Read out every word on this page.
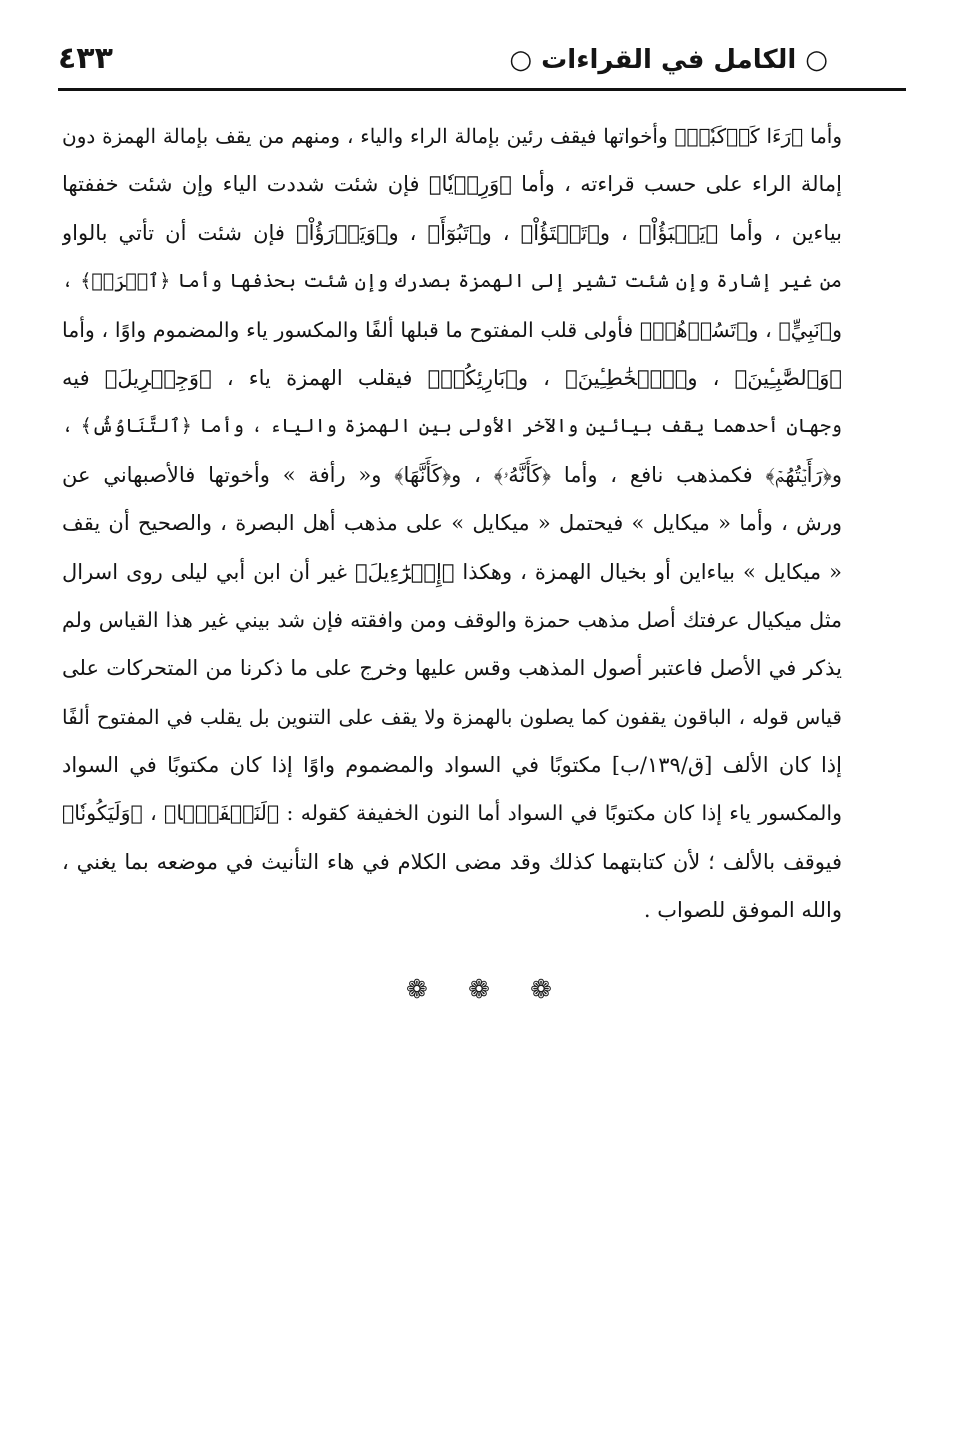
○ الكامل في القراءات ○
٤٣٣
وأما ﴿رَءَا كَوۡكَبٗاۖ﴾ وأخواتها فيقف رئين بإمالة الراء والياء ، ومنهم من يقف بإمالة الهمزة دون
إمالة الراء على حسب قراءته ، وأما ﴿وَرِءۡيٗا﴾ فإن شئت شددت الياء وإن شئت خففتها
بياءين ، وأما ﴿يَعۡبَؤُاْ﴾ ، و﴿تَفۡتَؤُاْ﴾ ، و﴿تَبُوٓأَ﴾ ، و﴿وَيَدۡرَؤُاْ﴾ فإن شئت أن تأتي بالواو
من غير إشارة وإن شئت تشير إلى الهمزة بصدرك وإن شئت بحذفها وأما ﴿ٱقۡرَأۡ﴾ ،
و﴿نَبِيٍّ﴾ ، و﴿تَسُؤۡهُمۡ﴾ فأولى قلب المفتوح ما قبلها ألفًا والمكسور ياء والمضموم واوًا ، وأما
﴿وَٱلصَّٰبِـِٔينَ﴾ ، و﴿ٱلۡخَٰطِـِٔينَ﴾ ، و﴿بَارِئِكُمۡ﴾ فيقلب الهمزة ياء ، ﴿وَجِبۡرِيلَ﴾ فيه
وجهان أحدهما يقف بيائين والآخر الأولى بين الهمزة والياء ، وأما ﴿ٱلتَّنَاوُشُ﴾ ،
و﴿رَأَيۡتُهُمۡ﴾ فكمذهب نافع ، وأما ﴿كَأَنَّهُۥ﴾ ، و﴿كَأَنَّهَا﴾ و« رأفة » وأخوتها فالأصبهاني عن
ورش ، وأما « ميكايل » فيحتمل « ميكايل » على مذهب أهل البصرة ، والصحيح أن يقف
« ميكايل » بياءاين أو بخيال الهمزة ، وهكذا ﴿إِسۡرَٰٓءِيلَ﴾ غير أن ابن أبي ليلى روى اسرال
مثل ميكيال عرفتك أصل مذهب حمزة والوقف ومن وافقته فإن شد بيني غير هذا القياس ولم
يذكر في الأصل فاعتبر أصول المذهب وقس عليها وخرج على ما ذكرنا من المتحركات على
قياس قوله ، الباقون يقفون كما يصلون بالهمزة ولا يقف على التنوين بل يقلب في المفتوح ألفًا
إذا كان الألف [ق/١٣٩/ب] مكتوبًا في السواد والمضموم واوًا إذا كان مكتوبًا في السواد
والمكسور ياء إذا كان مكتوبًا في السواد أما النون الخفيفة كقوله : ﴿لَنَسۡفَعَۢا﴾ ، ﴿وَلَيَكُونٗا﴾
فيوقف بالألف ؛ لأن كتابتهما كذلك وقد مضى الكلام في هاء التأنيث في موضعه بما يغني ،
والله الموفق للصواب .
❁ ❁ ❁
